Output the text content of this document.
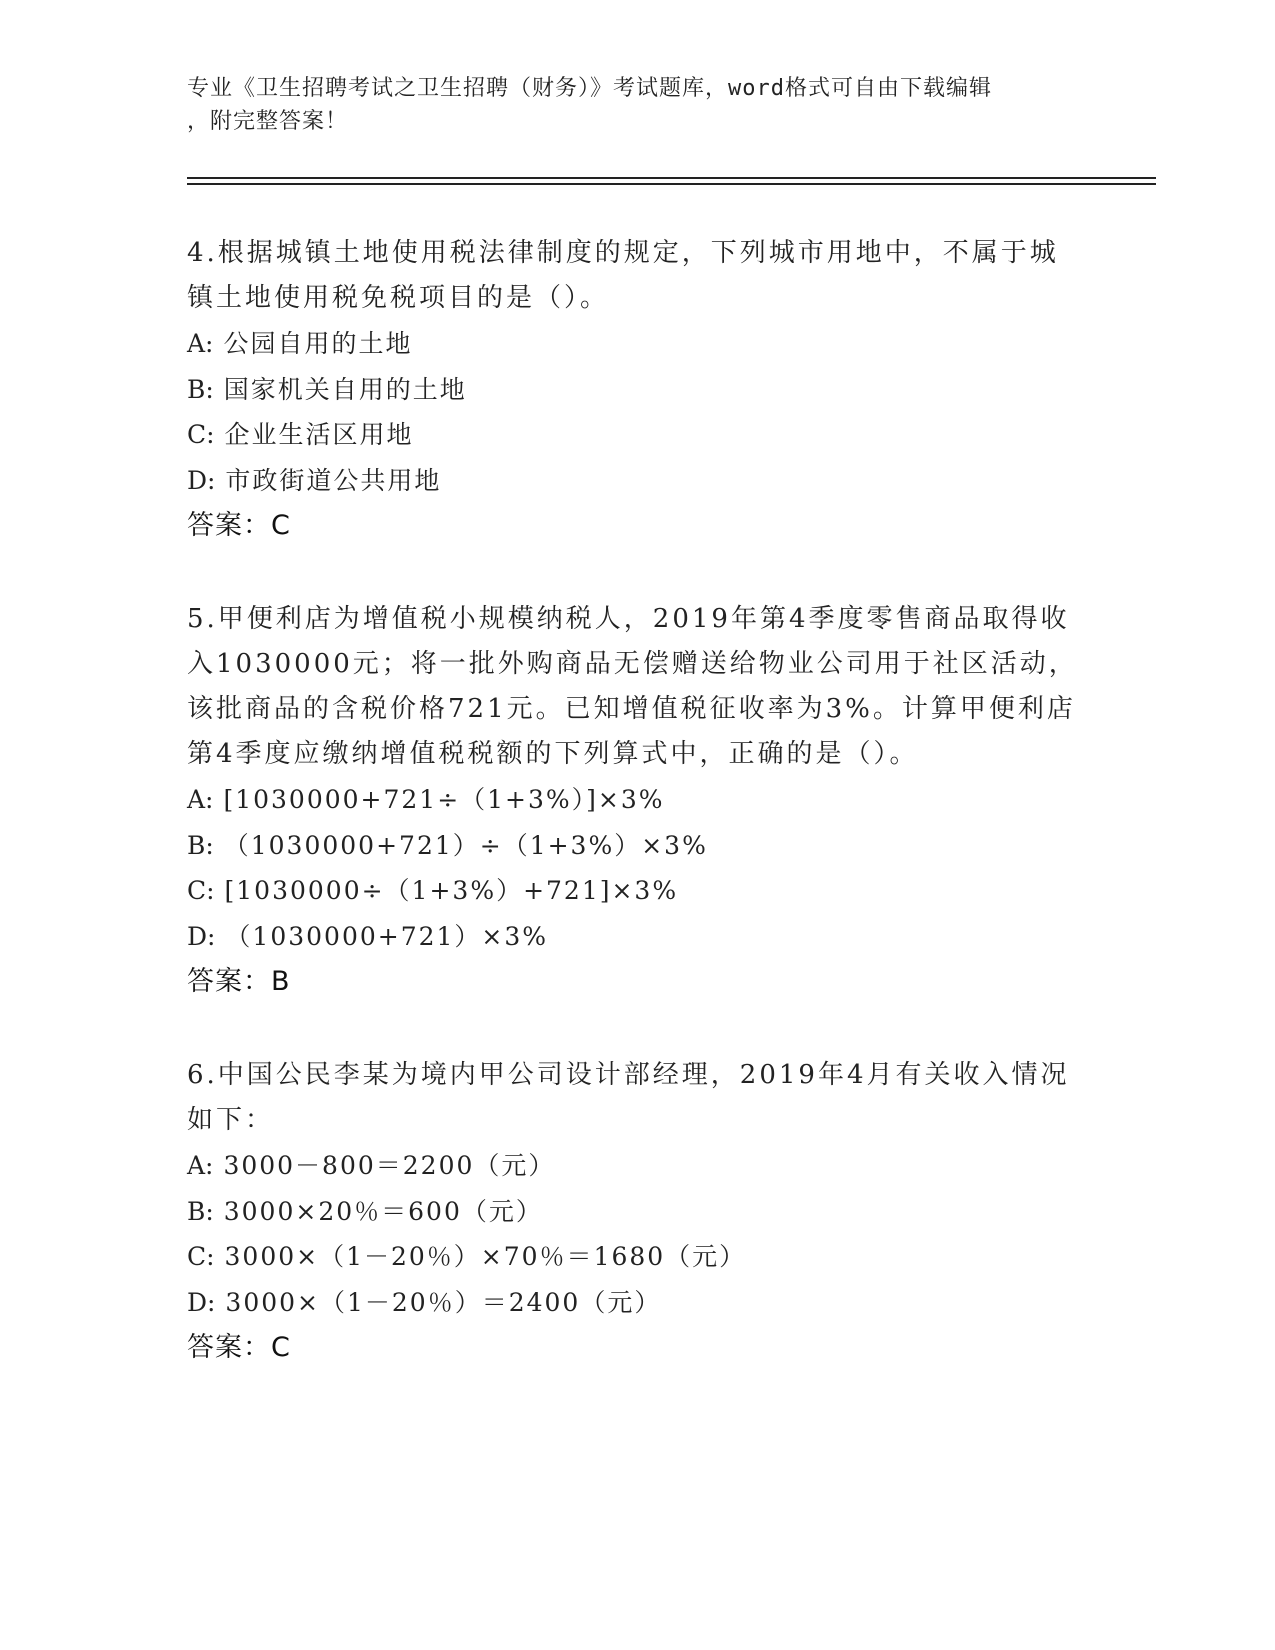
专业《卫生招聘考试之卫生招聘（财务）》考试题库，word格式可自由下载编辑
，附完整答案！
4.根据城镇土地使用税法律制度的规定，下列城市用地中，不属于城
镇土地使用税免税项目的是（）。
A: 公园自用的土地
B: 国家机关自用的土地
C: 企业生活区用地
D: 市政街道公共用地
答案：C
5.甲便利店为增值税小规模纳税人，2019年第4季度零售商品取得收
入1030000元；将一批外购商品无偿赠送给物业公司用于社区活动，
该批商品的含税价格721元。已知增值税征收率为3%。计算甲便利店
第4季度应缴纳增值税税额的下列算式中，正确的是（）。
A: [1030000+721÷（1+3%）]×3%
B: （1030000+721）÷（1+3%）×3%
C: [1030000÷（1+3%）+721]×3%
D: （1030000+721）×3%
答案：B
6.中国公民李某为境内甲公司设计部经理，2019年4月有关收入情况
如下：
A: 3000－800＝2200（元）
B: 3000×20％＝600（元）
C: 3000×（1－20％）×70％＝1680（元）
D: 3000×（1－20％）＝2400（元）
答案：C
